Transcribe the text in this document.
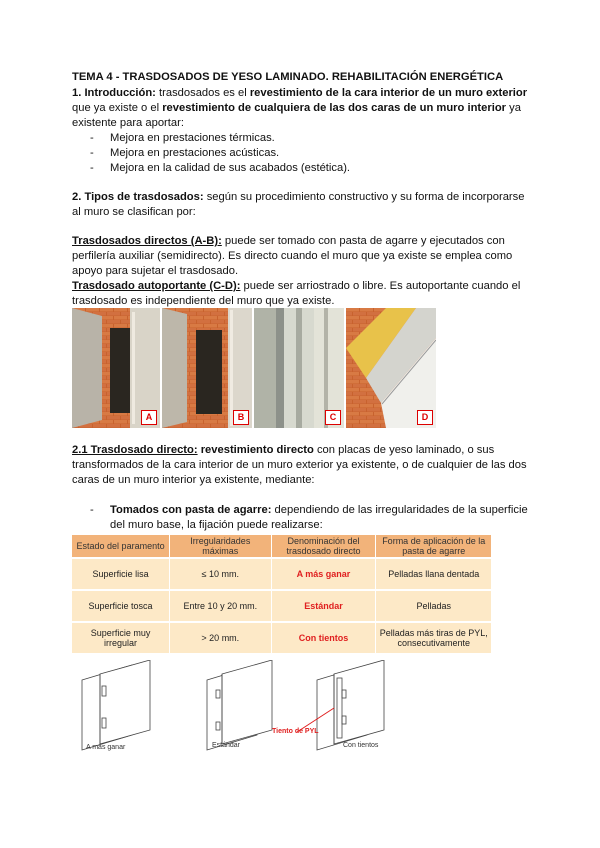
TEMA 4 - TRASDOSADOS DE YESO LAMINADO. REHABILITACIÓN ENERGÉTICA
1. Introducción: trasdosados es el revestimiento de la cara interior de un muro exterior
que ya existe o el revestimiento de cualquiera de las dos caras de un muro interior ya
existente para aportar:
- Mejora en prestaciones térmicas.
- Mejora en prestaciones acústicas.
- Mejora en la calidad de sus acabados (estética).
2. Tipos de trasdosados: según su procedimiento constructivo y su forma de incorporarse
al muro se clasifican por:
Trasdosados directos (A-B): puede ser tomado con pasta de agarre y ejecutados con
perfilería auxiliar (semidirecto). Es directo cuando el muro que ya existe se emplea como
apoyo para sujetar el trasdosado.
Trasdosado autoportante (C-D): puede ser arriostrado o libre. Es autoportante cuando el
trasdosado es independiente del muro que ya existe.
A	B	C	D
2.1 Trasdosado directo: revestimiento directo con placas de yeso laminado, o sus
transformados de la cara interior de un muro exterior ya existente, o de cualquier de las dos
caras de un muro interior ya existente, mediante:
- Tomados con pasta de agarre: dependiendo de las irregularidades de la superficie
del muro base, la fijación puede realizarse:
Estado del paramento	Irregularidades máximas	Denominación del trasdosado directo	Forma de aplicación de la pasta de agarre
Superficie lisa	≤ 10 mm.	A más ganar	Pelladas llana dentada
Superficie tosca	Entre 10 y 20 mm.	Estándar	Pelladas
Superficie muy irregular	> 20 mm.	Con tientos	Pelladas más tiras de PYL, consecutivamente
A más ganar	Estándar	Con tientos
Tiento de PYL
